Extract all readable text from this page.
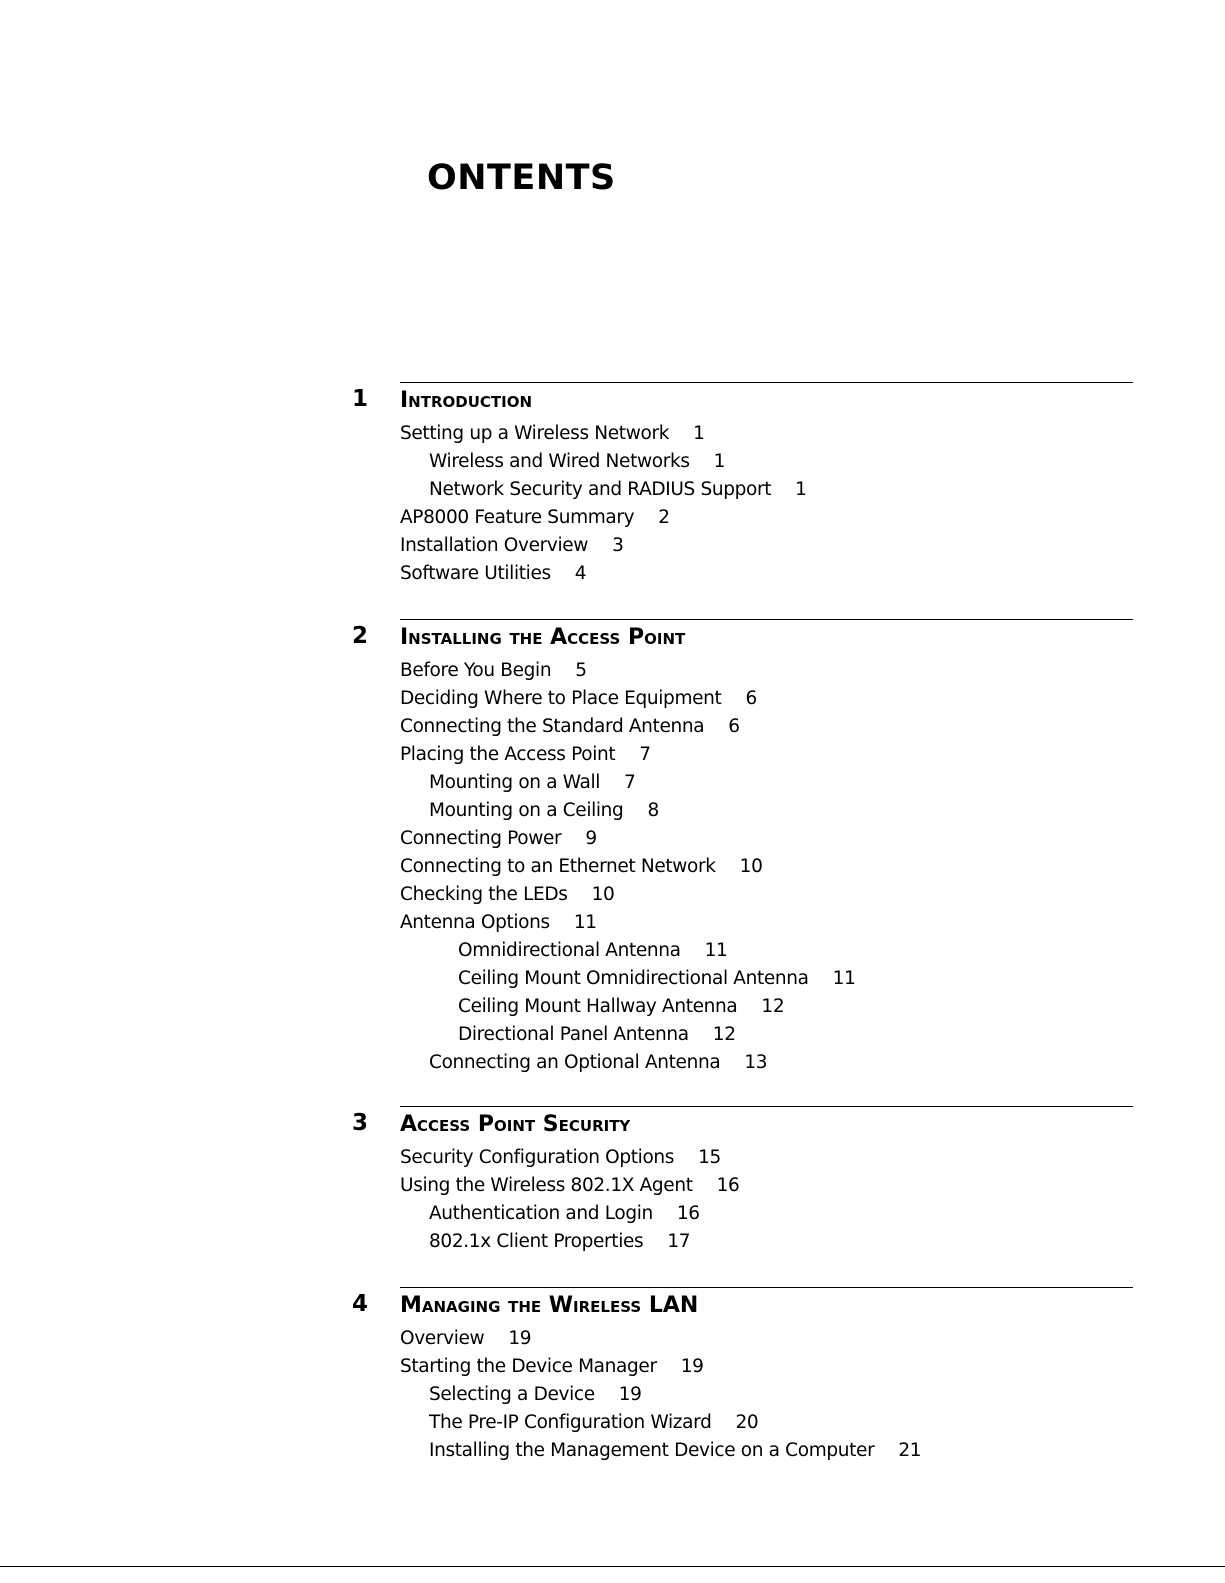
ONTENTS
1 Introduction
Setting up a Wireless Network 1
Wireless and Wired Networks 1
Network Security and RADIUS Support 1
AP8000 Feature Summary 2
Installation Overview 3
Software Utilities 4
2 Installing the Access Point
Before You Begin 5
Deciding Where to Place Equipment 6
Connecting the Standard Antenna 6
Placing the Access Point 7
Mounting on a Wall 7
Mounting on a Ceiling 8
Connecting Power 9
Connecting to an Ethernet Network 10
Checking the LEDs 10
Antenna Options 11
Omnidirectional Antenna 11
Ceiling Mount Omnidirectional Antenna 11
Ceiling Mount Hallway Antenna 12
Directional Panel Antenna 12
Connecting an Optional Antenna 13
3 Access Point Security
Security Configuration Options 15
Using the Wireless 802.1X Agent 16
Authentication and Login 16
802.1x Client Properties 17
4 Managing the Wireless LAN
Overview 19
Starting the Device Manager 19
Selecting a Device 19
The Pre-IP Configuration Wizard 20
Installing the Management Device on a Computer 21
